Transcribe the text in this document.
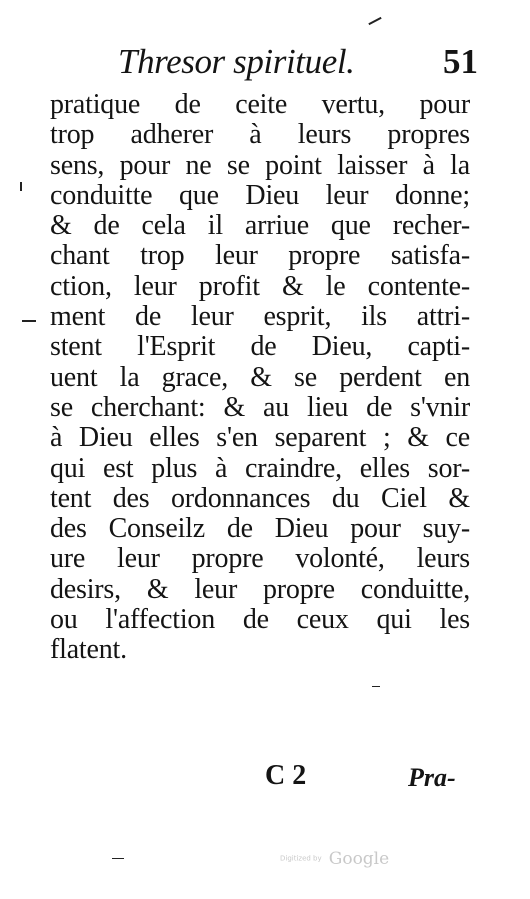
Thresor spirituel.	51
pratique de ceite vertu, pour
trop adherer à leurs propres
sens, pour ne se point laisser à la
conduitte que Dieu leur donne;
& de cela il arriue que recher-
chant trop leur propre satisfa-
ction, leur profit & le contente-
ment de leur esprit, ils attri-
stent l'Esprit de Dieu, capti-
uent la grace, & se perdent en
se cherchant: & au lieu de s'vnir
à Dieu elles s'en separent ; & ce
qui est plus à craindre, elles sor-
tent des ordonnances du Ciel &
des Conseilz de Dieu pour suy-
ure leur propre volonté, leurs
desirs, & leur propre conduitte,
ou l'affection de ceux qui les
flatent.
C 2	Pra-
Digitized by Google
